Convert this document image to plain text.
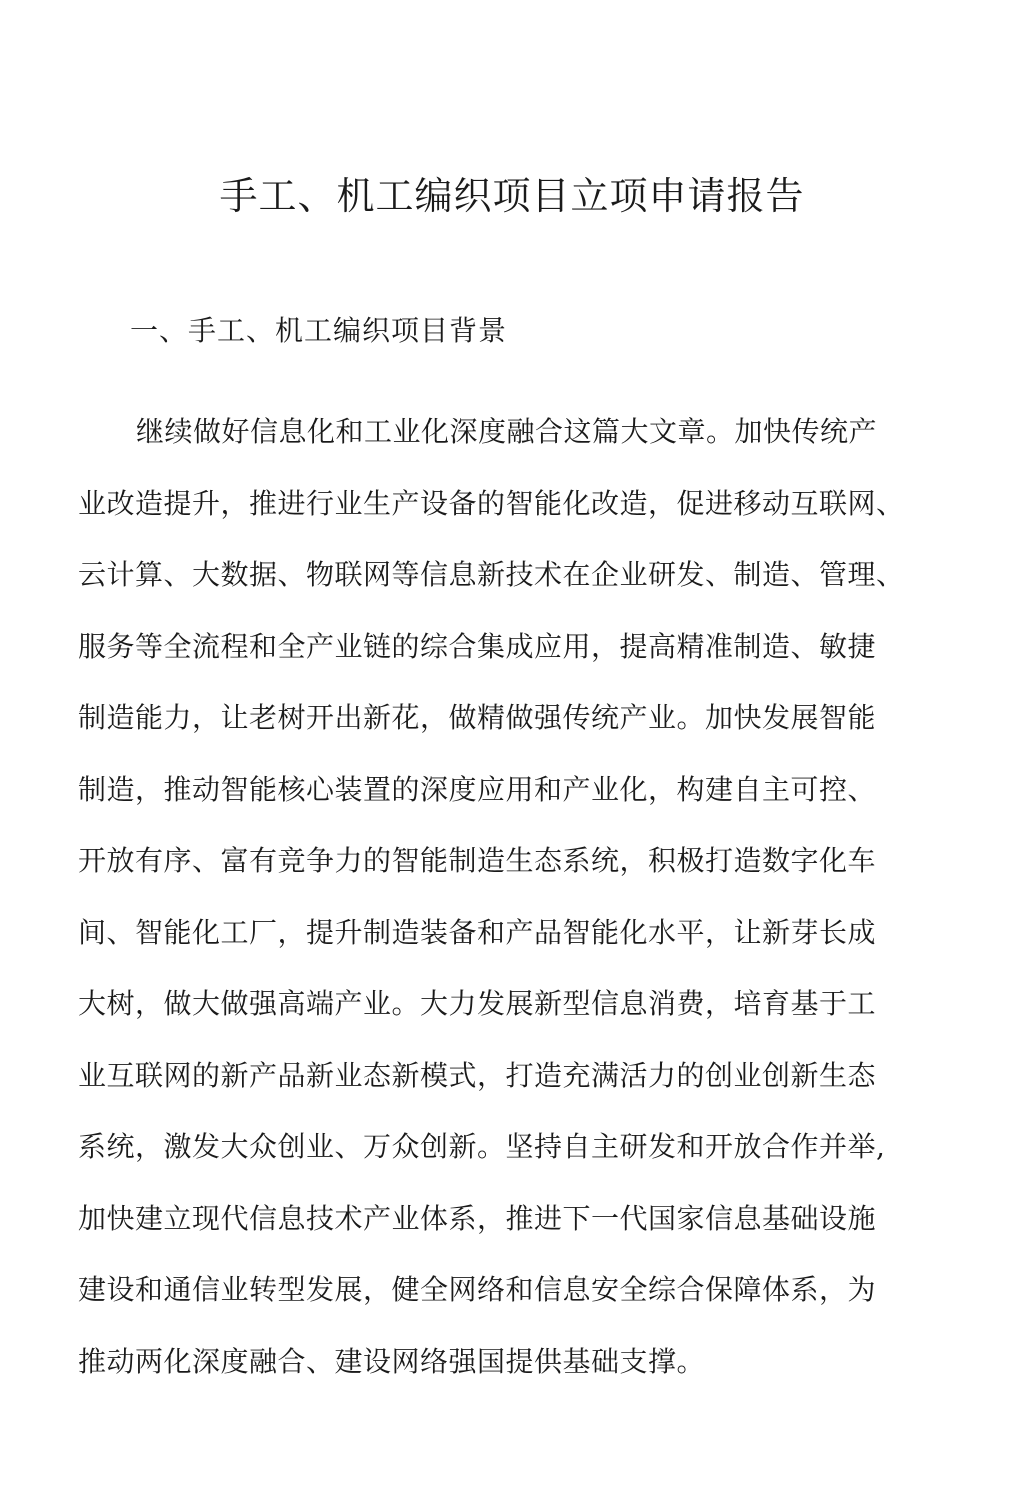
手工、机工编织项目立项申请报告
一、手工、机工编织项目背景
继续做好信息化和工业化深度融合这篇大文章。加快传统产
业改造提升，推进行业生产设备的智能化改造，促进移动互联网、
云计算、大数据、物联网等信息新技术在企业研发、制造、管理、
服务等全流程和全产业链的综合集成应用，提高精准制造、敏捷
制造能力，让老树开出新花，做精做强传统产业。加快发展智能
制造，推动智能核心装置的深度应用和产业化，构建自主可控、
开放有序、富有竞争力的智能制造生态系统，积极打造数字化车
间、智能化工厂，提升制造装备和产品智能化水平，让新芽长成
大树，做大做强高端产业。大力发展新型信息消费，培育基于工
业互联网的新产品新业态新模式，打造充满活力的创业创新生态
系统，激发大众创业、万众创新。坚持自主研发和开放合作并举,
加快建立现代信息技术产业体系，推进下一代国家信息基础设施
建设和通信业转型发展，健全网络和信息安全综合保障体系，为
推动两化深度融合、建设网络强国提供基础支撑。
